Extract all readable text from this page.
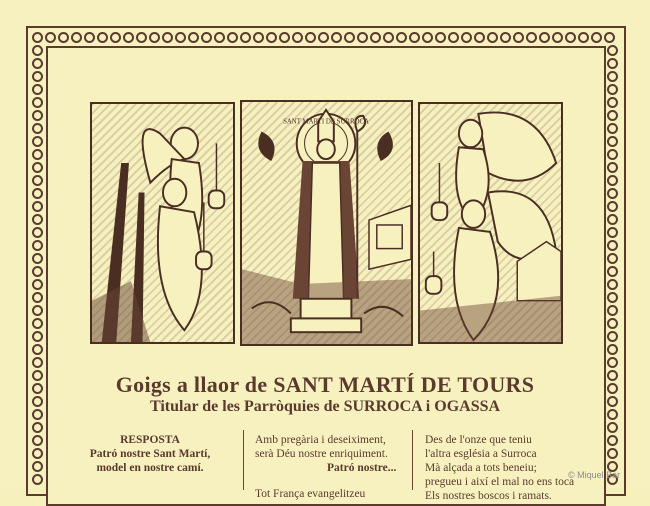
SANT MARTI DE SURROCA
Goigs a llaor de SANT MARTÍ DE TOURS
Titular de les Parròquies de SURROCA i OGASSA
RESPOSTA
Patró nostre Sant Martí,
model en nostre camí.
Amb pregària i deseiximent,
serà Déu nostre enriquiment.
Patró nostre...
Tot França evangelitzeu
Des de l'onze que teniu
l'altra església a Surroca
Mà alçada a tots beneiu;
pregueu i així el mal no ens toca
Els nostres boscos i ramats.
© Miquel Bar
